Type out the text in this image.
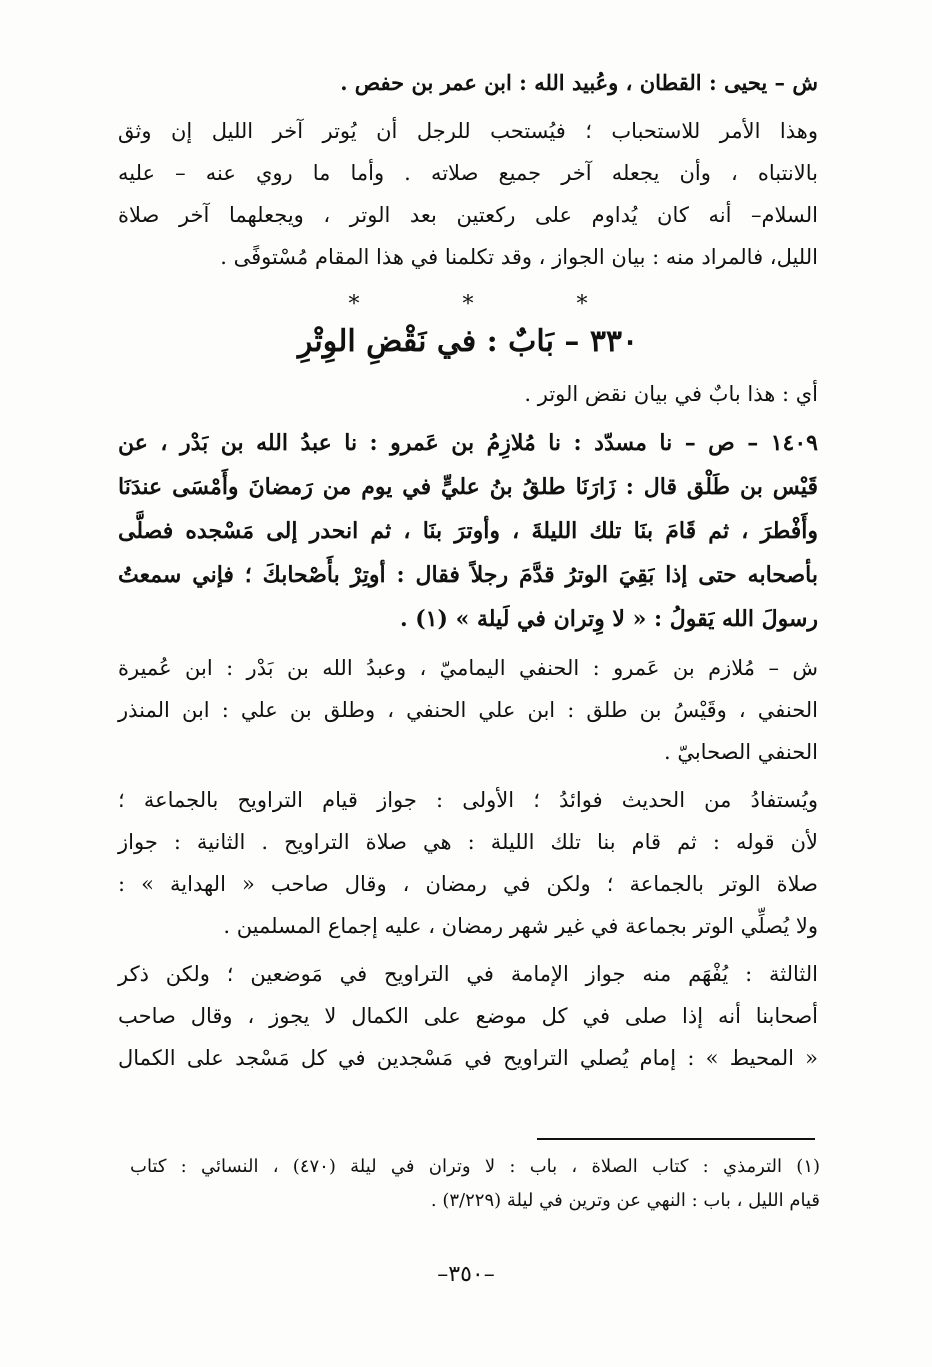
ش – يحيى : القطان ، وعُبيد الله : ابن عمر بن حفص .

وهذا الأمر للاستحباب ؛ فيُستحب للرجل أن يُوتر آخر الليل إن وثق

بالانتباه ، وأن يجعله آخر جميع صلاته . وأما ما روي عنه – عليه

السلام– أنه كان يُداوم على ركعتين بعد الوتر ، ويجعلهما آخر صلاة

الليل، فالمراد منه : بيان الجواز ، وقد تكلمنا في هذا المقام مُسْتوفًى .

* * *
٣٣٠ – بَابٌ : في نَقْضِ الوِتْرِ

أي : هذا بابٌ في بيان نقض الوتر .

١٤٠٩ – ص – نا مسدّد : نا مُلازِمُ بن عَمرو : نا عبدُ الله بن بَدْر ، عن

قَيْس بن طَلْق قال : زَارَنَا طلقُ بنُ عليٍّ في يوم من رَمضانَ وأَمْسَى عندَنَا

وأَفْطرَ ، ثم قَامَ بنَا تلك الليلةَ ، وأوترَ بنَا ، ثم انحدر إلى مَسْجده فصلَّى

بأصحابه حتى إذا بَقِيَ الوترُ قدَّمَ رجلاً فقال : أوتِرْ بأَصْحابكَ ؛ فإني سمعتُ

رسولَ الله يَقولُ : « لا وِتران في لَيلة » (١) .

ش – مُلازم بن عَمرو : الحنفي اليماميّ ، وعبدُ الله بن بَدْر : ابن عُميرة

الحنفي ، وقَيْسُ بن طلق : ابن علي الحنفي ، وطلق بن علي : ابن المنذر

الحنفي الصحابيّ .

ويُستفادُ من الحديث فوائدُ ؛ الأولى : جواز قيام التراويح بالجماعة ؛

لأن قوله : ثم قام بنا تلك الليلة : هي صلاة التراويح . الثانية : جواز

صلاة الوتر بالجماعة ؛ ولكن في رمضان ، وقال صاحب « الهداية » :

ولا يُصلِّي الوتر بجماعة في غير شهر رمضان ، عليه إجماع المسلمين .

الثالثة : يُفْهَم منه جواز الإمامة في التراويح في مَوضعين ؛ ولكن ذكر

أصحابنا أنه إذا صلى في كل موضع على الكمال لا يجوز ، وقال صاحب

« المحيط » : إمام يُصلي التراويح في مَسْجدين في كل مَسْجد على الكمال

(١) الترمذي : كتاب الصلاة ، باب : لا وتران في ليلة (٤٧٠) ، النسائي : كتاب

قيام الليل ، باب : النهي عن وترين في ليلة (٣/٢٢٩) .

–٣٥٠–
